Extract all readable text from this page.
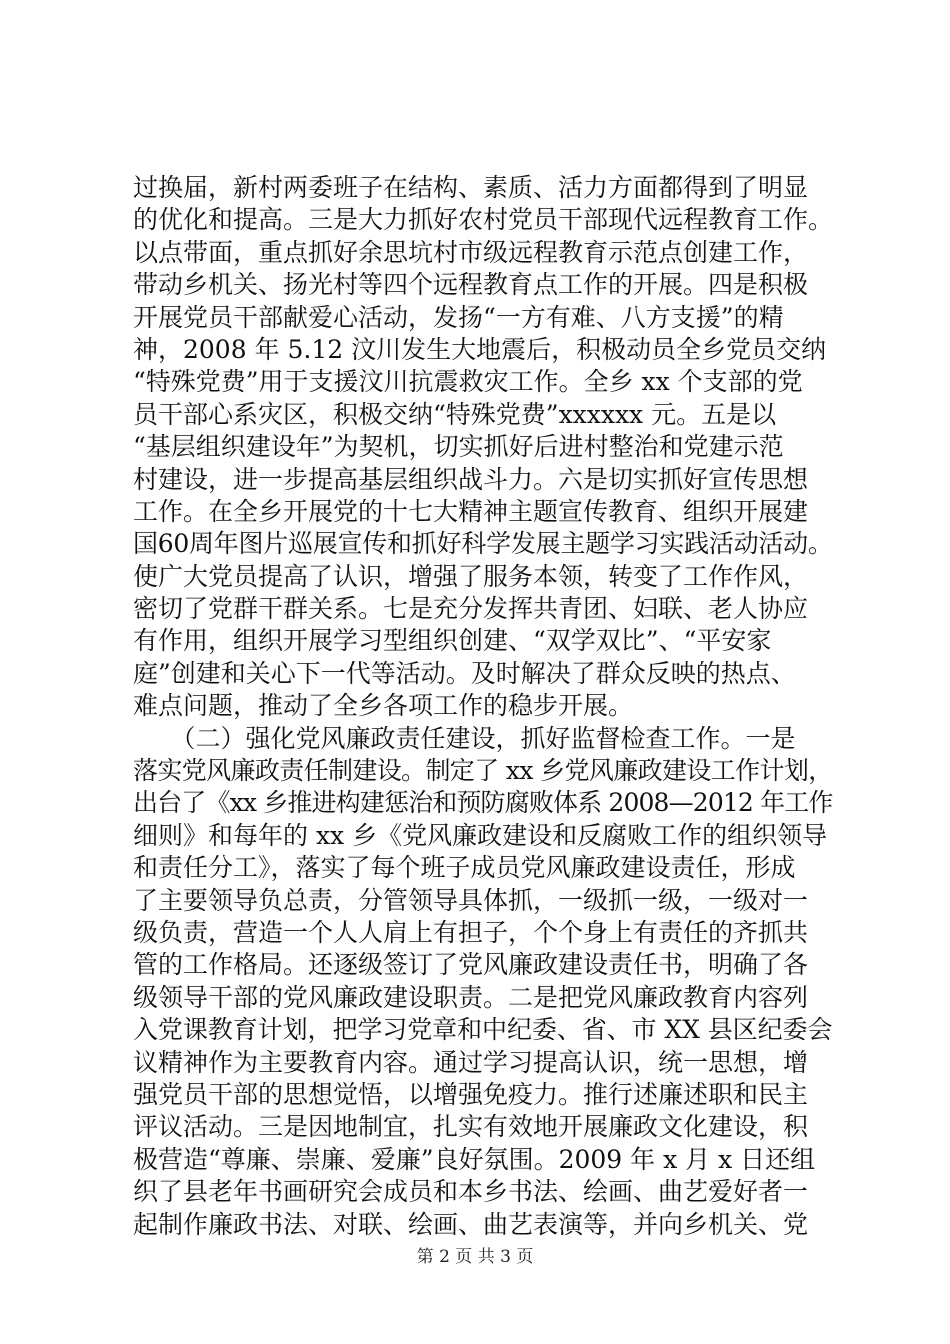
过换届，新村两委班子在结构、素质、活力方面都得到了明显
的优化和提高。三是大力抓好农村党员干部现代远程教育工作。
以点带面，重点抓好余思坑村市级远程教育示范点创建工作，
带动乡机关、扬光村等四个远程教育点工作的开展。四是积极
开展党员干部献爱心活动，发扬“一方有难、八方支援”的精
神，2008 年 5.12 汶川发生大地震后，积极动员全乡党员交纳
“特殊党费”用于支援汶川抗震救灾工作。全乡 xx 个支部的党
员干部心系灾区，积极交纳“特殊党费”xxxxxx 元。五是以
“基层组织建设年”为契机，切实抓好后进村整治和党建示范
村建设，进一步提高基层组织战斗力。六是切实抓好宣传思想
工作。在全乡开展党的十七大精神主题宣传教育、组织开展建
国60周年图片巡展宣传和抓好科学发展主题学习实践活动活动。
使广大党员提高了认识，增强了服务本领，转变了工作作风，
密切了党群干群关系。七是充分发挥共青团、妇联、老人协应
有作用，组织开展学习型组织创建、“双学双比”、“平安家
庭”创建和关心下一代等活动。及时解决了群众反映的热点、
难点问题，推动了全乡各项工作的稳步开展。
　　（二）强化党风廉政责任建设，抓好监督检查工作。一是
落实党风廉政责任制建设。制定了 xx 乡党风廉政建设工作计划，
出台了《xx 乡推进构建惩治和预防腐败体系 2008—2012 年工作
细则》和每年的 xx 乡《党风廉政建设和反腐败工作的组织领导
和责任分工》，落实了每个班子成员党风廉政建设责任，形成
了主要领导负总责，分管领导具体抓，一级抓一级，一级对一
级负责，营造一个人人肩上有担子，个个身上有责任的齐抓共
管的工作格局。还逐级签订了党风廉政建设责任书，明确了各
级领导干部的党风廉政建设职责。二是把党风廉政教育内容列
入党课教育计划，把学习党章和中纪委、省、市 XX 县区纪委会
议精神作为主要教育内容。通过学习提高认识，统一思想，增
强党员干部的思想觉悟，以增强免疫力。推行述廉述职和民主
评议活动。三是因地制宜，扎实有效地开展廉政文化建设，积
极营造“尊廉、崇廉、爱廉”良好氛围。2009 年 x 月 x 日还组
织了县老年书画研究会成员和本乡书法、绘画、曲艺爱好者一
起制作廉政书法、对联、绘画、曲艺表演等，并向乡机关、党
第 2 页 共 3 页
